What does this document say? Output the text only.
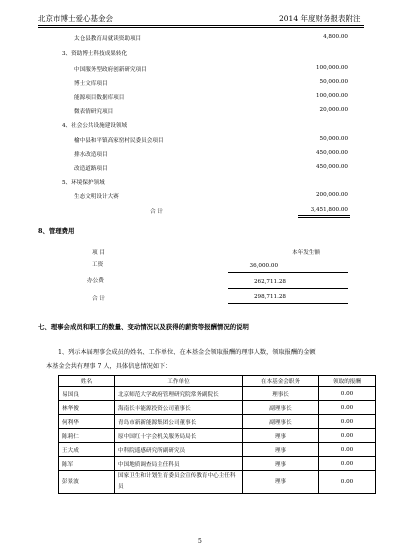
北京市博士爱心基金会	2014 年度财务报表附注
太仓县教育局就读资助项目	4,800.00
3、资助博士科技成果转化
中国服务型政府创新研究项目	100,000.00
博士文库项目	50,000.00
能源项目数据库项目	100,000.00
微表情研究项目	20,000.00
4、社会公共设施建设领域
榆中县和平镇高家窑村民委员会项目	50,000.00
排水改造项目	450,000.00
改造道路项目	450,000.00
5、环境保护领域
生态文明设计大赛	200,000.00
合 计	3,451,800.00
8、管理费用
项 目	本年发生额
工资	36,000.00
办公费	262,711.28
合 计	298,711.28
七、理事会成员和职工的数量、变动情况以及获得的薪资等报酬情况的说明
1、列示本届理事会成员的姓名、工作单位、在本基金会领取报酬的理事人数，领取报酬的金额
本基金会共有理事 7 人，具体信息情况如下：
姓名	工作单位	在本基金会职务	领取的报酬
易国良	北京师范大学政府管理研究院常务副院长	理事长	0.00
林华俊	海南长丰能源投资公司董事长	副理事长	0.00
何利华	青岛市新新能源集团公司董事长	副理事长	0.00
陈莉仁	原中国红十字会机关服务局局长	理事	0.00
王大成	中科院遥感研究所副研究员	理事	0.00
陈军	中国地质调查局主任科员	理事	0.00
彭景波	国家卫生和计划生育委员会宣传教育中心主任科员	理事	0.00
5
